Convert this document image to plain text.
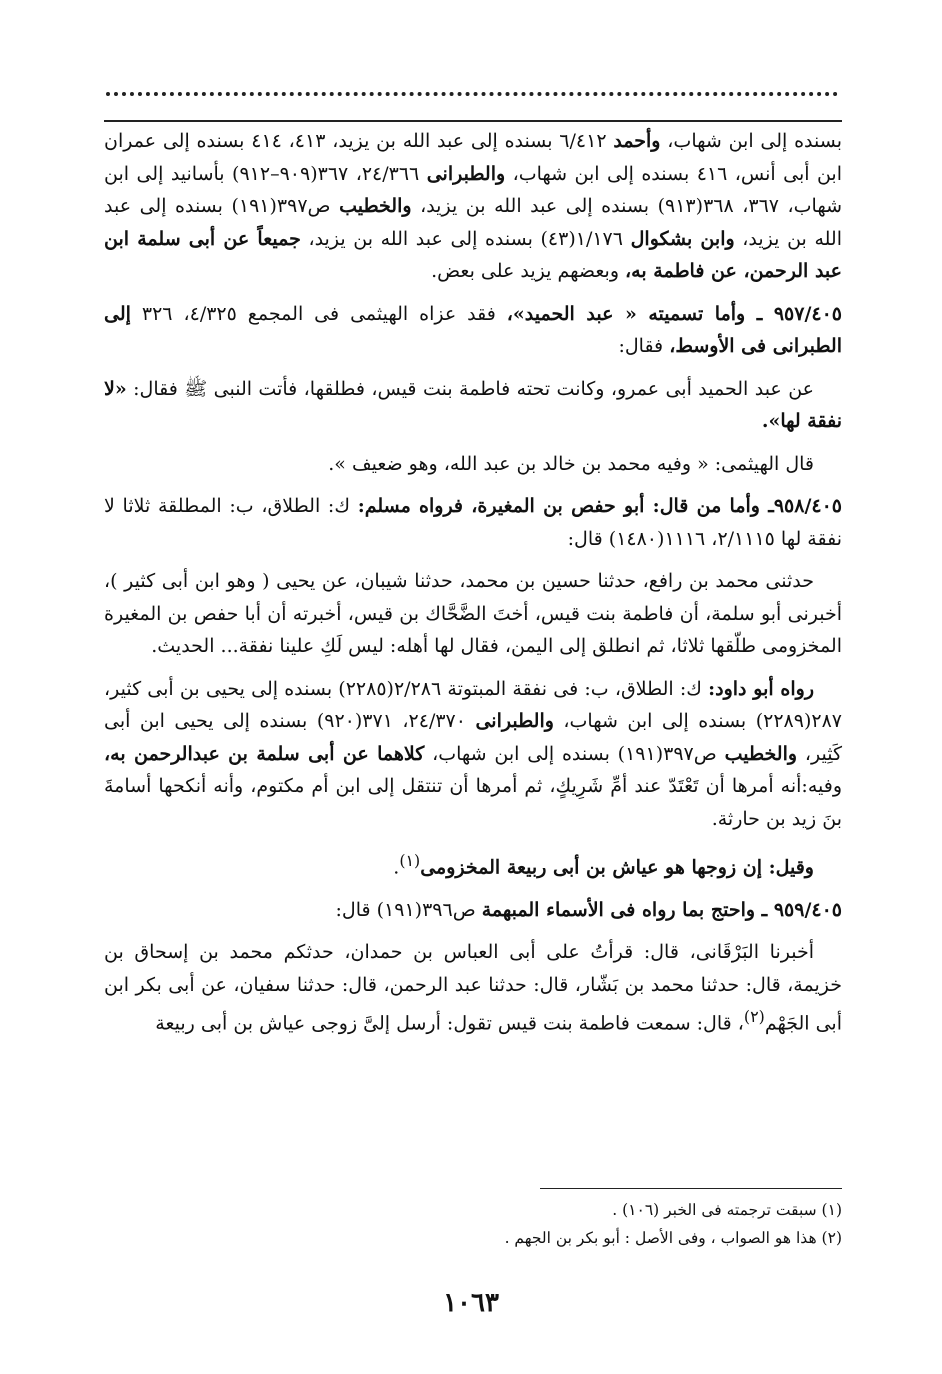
بسنده إلى ابن شهاب، وأحمد ٦/٤١٢ بسنده إلى عبد الله بن يزيد، ٤١٣، ٤١٤ بسنده إلى عمران ابن أبى أنس، ٤١٦ بسنده إلى ابن شهاب، والطبرانى ٢٤/٣٦٦، ٣٦٧(٩٠٩–٩١٢) بأسانيد إلى ابن شهاب، ٣٦٧، ٣٦٨(٩١٣) بسنده إلى عبد الله بن يزيد، والخطيب ص٣٩٧(١٩١) بسنده إلى عبد الله بن يزيد، وابن بشكوال ١/١٧٦(٤٣) بسنده إلى عبد الله بن يزيد، جميعاً عن أبى سلمة ابن عبد الرحمن، عن فاطمة به، وبعضهم يزيد على بعض.

٩٥٧/٤٠٥ ـ وأما تسميته « عبد الحميد»، فقد عزاه الهيثمى فى المجمع ٤/٣٢٥، ٣٢٦ إلى الطبرانى فى الأوسط، فقال:

عن عبد الحميد أبى عمرو، وكانت تحته فاطمة بنت قيس، فطلقها، فأتت النبى ﷺ فقال: «لا نفقة لها».

قال الهيثمى: « وفيه محمد بن خالد بن عبد الله، وهو ضعيف ».

٩٥٨/٤٠٥ـ وأما من قال: أبو حفص بن المغيرة، فرواه مسلم: ك: الطلاق، ب: المطلقة ثلاثا لا نفقة لها ٢/١١١٥، ١١١٦(١٤٨٠) قال:

حدثنى محمد بن رافع، حدثنا حسين بن محمد، حدثنا شيبان، عن يحيى ( وهو ابن أبى كثير )، أخبرنى أبو سلمة، أن فاطمة بنت قيس، أختَ الضَّحَّاك بن قيس، أخبرته أن أبا حفص بن المغيرة المخزومى طلّقها ثلاثا، ثم انطلق إلى اليمن، فقال لها أهله: ليس لَكِ علينا نفقة... الحديث.

رواه أبو داود: ك: الطلاق، ب: فى نفقة المبتوتة ٢/٢٨٦(٢٢٨٥) بسنده إلى يحيى بن أبى كثير، ٢٨٧(٢٢٨٩) بسنده إلى ابن شهاب، والطبرانى ٢٤/٣٧٠، ٣٧١(٩٢٠) بسنده إلى يحيى ابن أبى كَثِير، والخطيب ص٣٩٧(١٩١) بسنده إلى ابن شهاب، كلاهما عن أبى سلمة بن عبدالرحمن به، وفيه:أنه أمرها أن تَعْتَدّ عند أمِّ شَرِيكٍ، ثم أمرها أن تنتقل إلى ابن أم مكتوم، وأنه أنكحها أسامةَ بنَ زيد بن حارثة.

وقيل: إن زوجها هو عياش بن أبى ربيعة المخزومى$^{(١)}$.

٩٥٩/٤٠٥ ـ واحتج بما رواه فى الأسماء المبهمة ص٣٩٦(١٩١) قال:

أخبرنا البَرْقَانى، قال: قرأتُ على أبى العباس بن حمدان، حدثكم محمد بن إسحاق بن خزيمة، قال: حدثنا محمد بن بَشّار، قال: حدثنا عبد الرحمن، قال: حدثنا سفيان، عن أبى بكر ابن أبى الجَهْم$^{(٢)}$، قال: سمعت فاطمة بنت قيس تقول: أرسل إلىَّ زوجى عياش بن أبى ربيعة

(١) سبقت ترجمته فى الخبر (١٠٦) .

(٢) هذا هو الصواب ، وفى الأصل : أبو بكر بن الجهم .

١٠٦٣
